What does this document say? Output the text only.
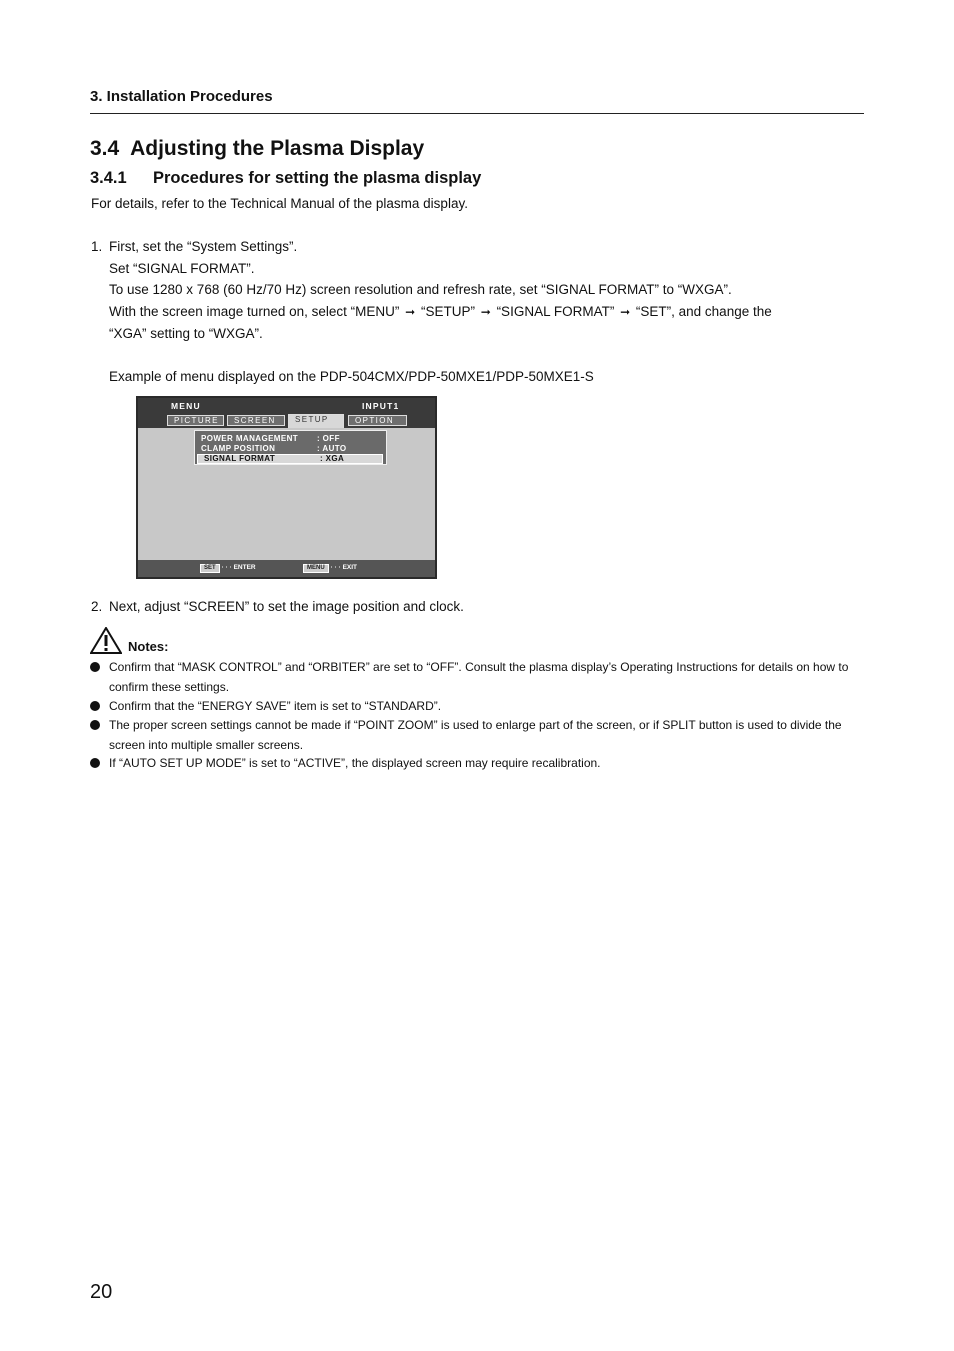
3. Installation Procedures
3.4  Adjusting the Plasma Display
3.4.1 Procedures for setting the plasma display
For details, refer to the Technical Manual of the plasma display.
1. First, set the “System Settings”.
Set “SIGNAL FORMAT”.
To use 1280 x 768 (60 Hz/70 Hz) screen resolution and refresh rate, set “SIGNAL FORMAT” to “WXGA”.
With the screen image turned on, select “MENU” ➞ “SETUP” ➞ “SIGNAL FORMAT” ➞ “SET”, and change the
“XGA” setting to “WXGA”.
Example of menu displayed on the PDP-504CMX/PDP-50MXE1/PDP-50MXE1-S
MENU	INPUT1
PICTURE	SCREEN	SETUP	OPTION
POWER MANAGEMENT : OFF
CLAMP POSITION	: AUTO
SIGNAL FORMAT	: XGA
SET · · · ENTER	MENU · · · EXIT
2. Next, adjust “SCREEN” to set the image position and clock.
Notes:
Confirm that “MASK CONTROL” and “ORBITER” are set to “OFF”. Consult the plasma display’s Operating Instructions for details on how to confirm these settings.
Confirm that the “ENERGY SAVE” item is set to “STANDARD”.
The proper screen settings cannot be made if “POINT ZOOM” is used to enlarge part of the screen, or if SPLIT button is used to divide the screen into multiple smaller screens.
If “AUTO SET UP MODE” is set to “ACTIVE”, the displayed screen may require recalibration.
20
